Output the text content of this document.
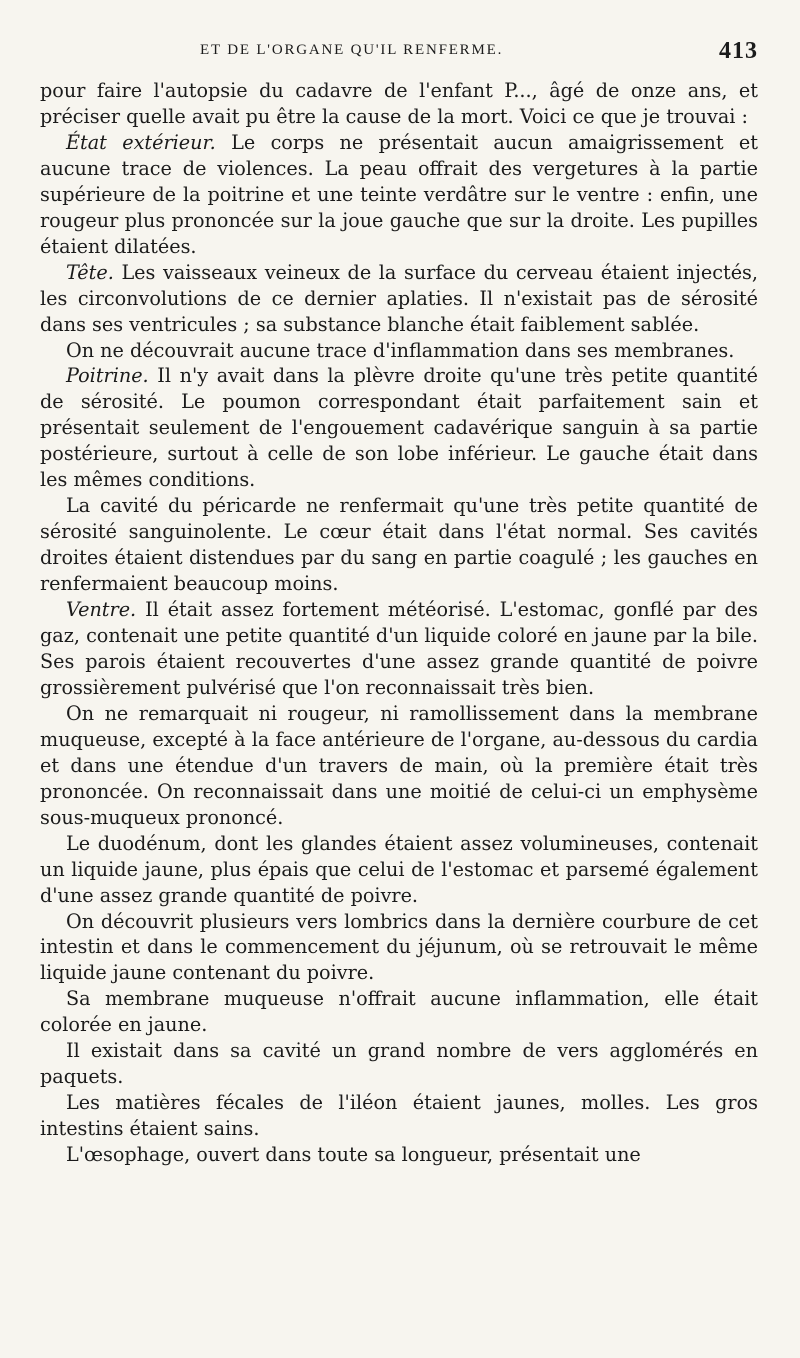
ET DE L'ORGANE QU'IL RENFERME.	413

pour faire l'autopsie du cadavre de l'enfant P..., âgé de onze ans, et préciser quelle avait pu être la cause de la mort. Voici ce que je trouvai :

État extérieur. Le corps ne présentait aucun amaigrissement et aucune trace de violences. La peau offrait des vergetures à la partie supérieure de la poitrine et une teinte verdâtre sur le ventre : enfin, une rougeur plus prononcée sur la joue gauche que sur la droite. Les pupilles étaient dilatées.

Tête. Les vaisseaux veineux de la surface du cerveau étaient injectés, les circonvolutions de ce dernier aplaties. Il n'existait pas de sérosité dans ses ventricules ; sa substance blanche était faiblement sablée.

On ne découvrait aucune trace d'inflammation dans ses membranes.

Poitrine. Il n'y avait dans la plèvre droite qu'une très petite quantité de sérosité. Le poumon correspondant était parfaitement sain et présentait seulement de l'engouement cadavérique sanguin à sa partie postérieure, surtout à celle de son lobe inférieur. Le gauche était dans les mêmes conditions.

La cavité du péricarde ne renfermait qu'une très petite quantité de sérosité sanguinolente. Le cœur était dans l'état normal. Ses cavités droites étaient distendues par du sang en partie coagulé ; les gauches en renfermaient beaucoup moins.

Ventre. Il était assez fortement météorisé. L'estomac, gonflé par des gaz, contenait une petite quantité d'un liquide coloré en jaune par la bile. Ses parois étaient recouvertes d'une assez grande quantité de poivre grossièrement pulvérisé que l'on reconnaissait très bien.

On ne remarquait ni rougeur, ni ramollissement dans la membrane muqueuse, excepté à la face antérieure de l'organe, au-dessous du cardia et dans une étendue d'un travers de main, où la première était très prononcée. On reconnaissait dans une moitié de celui-ci un emphysème sous-muqueux prononcé.

Le duodénum, dont les glandes étaient assez volumineuses, contenait un liquide jaune, plus épais que celui de l'estomac et parsemé également d'une assez grande quantité de poivre.

On découvrit plusieurs vers lombrics dans la dernière courbure de cet intestin et dans le commencement du jéjunum, où se retrouvait le même liquide jaune contenant du poivre.

Sa membrane muqueuse n'offrait aucune inflammation, elle était colorée en jaune.

Il existait dans sa cavité un grand nombre de vers agglomérés en paquets.

Les matières fécales de l'iléon étaient jaunes, molles. Les gros intestins étaient sains.

L'œsophage, ouvert dans toute sa longueur, présentait une
